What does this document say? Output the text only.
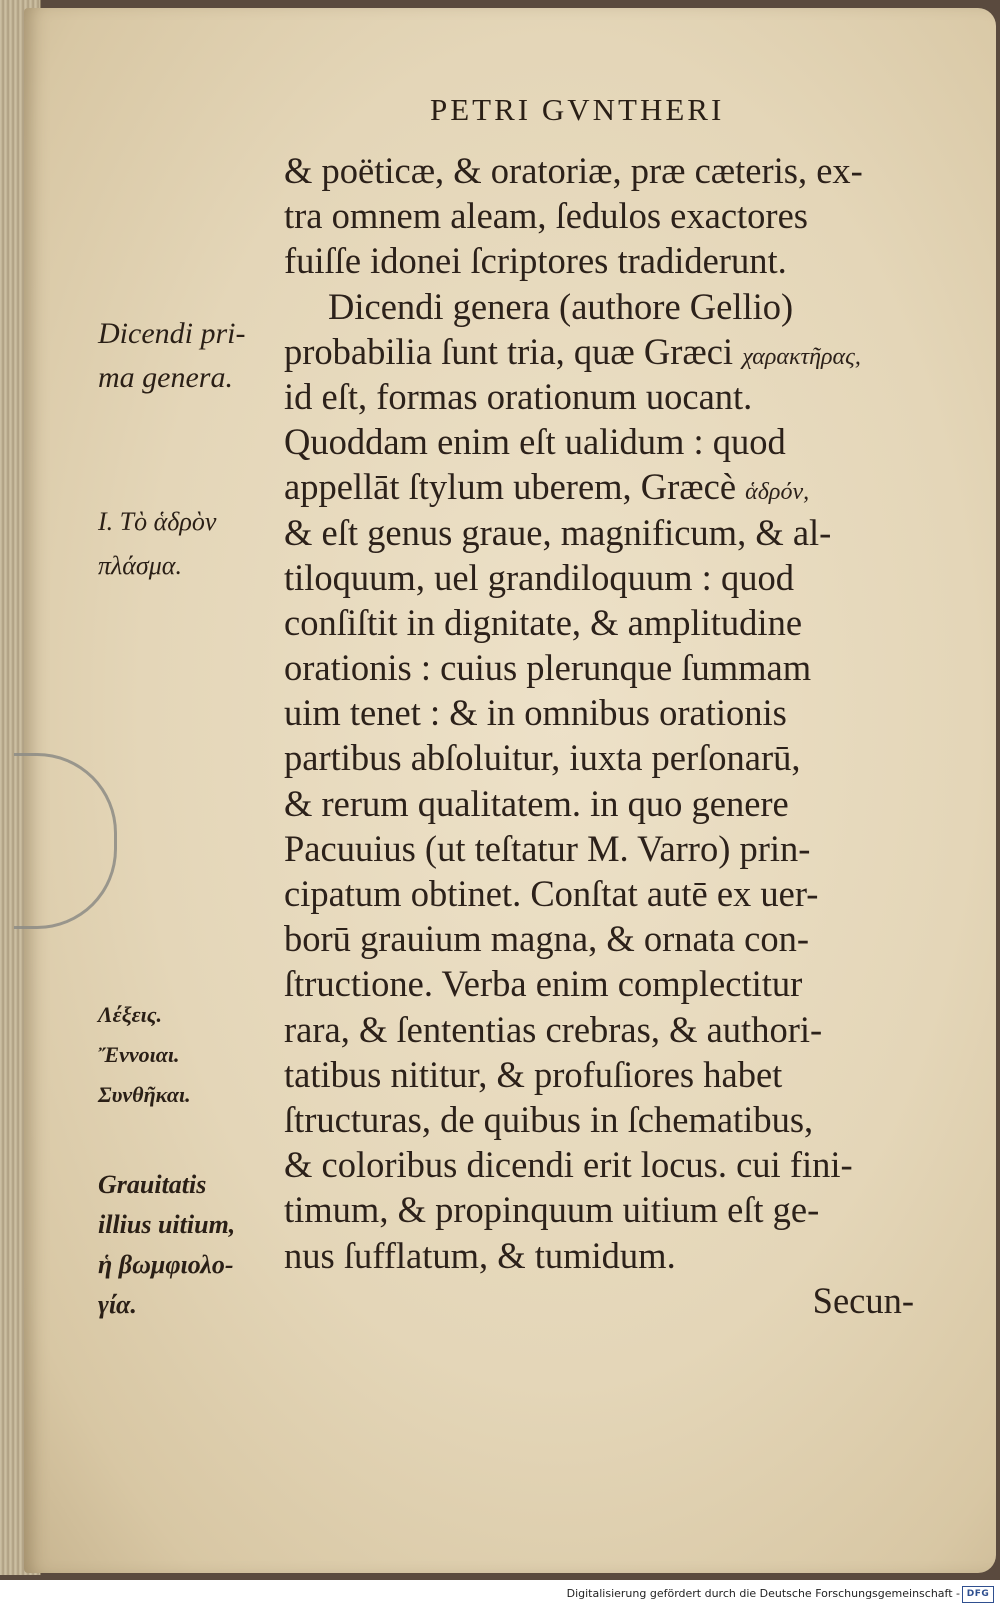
PETRI GVNTHERI
& poëticæ, & oratoriæ, præ cæteris, ex-
tra omnem aleam, ſedulos exactores
fuiſſe idonei ſcriptores tradiderunt.
Dicendi genera (authore Gellio)
probabilia ſunt tria, quæ Græci χαρακτῆρας,
id eſt, formas orationum uocant.
Quoddam enim eſt ualidum : quod
appellāt ſtylum uberem, Græcè ἁδρόν,
& eſt genus graue, magnificum, & al-
tiloquum, uel grandiloquum : quod
conſiſtit in dignitate, & amplitudine
orationis : cuius plerunque ſummam
uim tenet : & in omnibus orationis
partibus abſoluitur, iuxta perſonarū,
& rerum qualitatem. in quo genere
Pacuuius (ut teſtatur M. Varro) prin-
cipatum obtinet. Conſtat autē ex uer-
borū grauium magna, & ornata con-
ſtructione. Verba enim complectitur
rara, & ſententias crebras, & authori-
tatibus nititur, & profuſiores habet
ſtructuras, de quibus in ſchematibus,
& coloribus dicendi erit locus. cui fini-
timum, & propinquum uitium eſt ge-
nus ſufflatum, & tumidum.
Secun-
Dicendi pri-
ma genera.
I. Τὸ ἁδρὸν
πλάσμα.
Λέξεις.
Ἔννοιαι.
Συνθῆκαι.
Grauitatis
illius uitium,
ἡ βωμφιολο-
γία.
Digitalisierung gefördert durch die Deutsche Forschungsgemeinschaft - DFG
